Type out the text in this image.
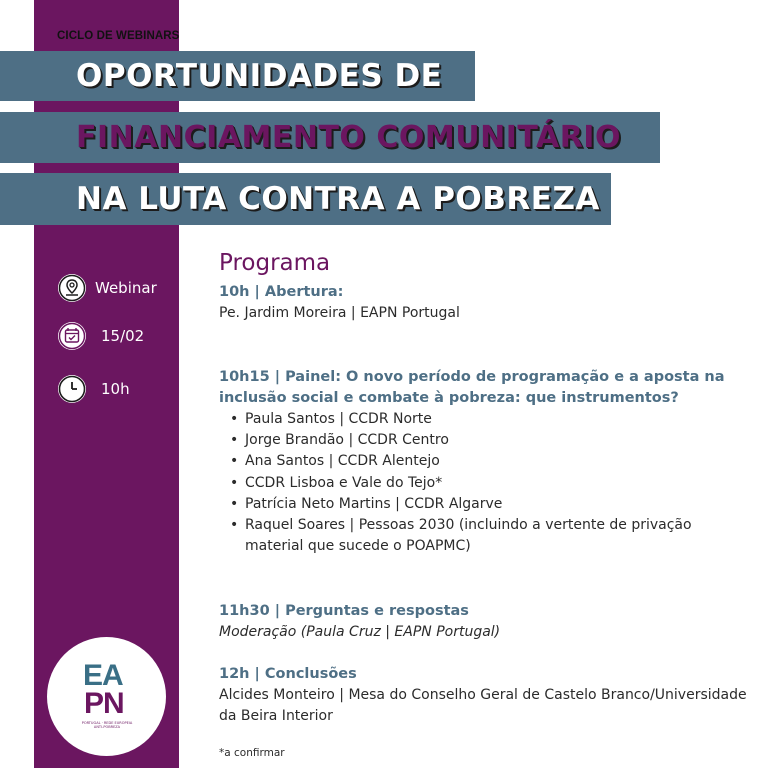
CICLO DE WEBINARS
OPORTUNIDADES DE
FINANCIAMENTO COMUNITÁRIO
NA LUTA CONTRA A POBREZA
Webinar
15/02
10h
EA
PN
PORTUGAL · REDE EUROPEIA ANTI-POBREZA
Programa
10h | Abertura:
Pe. Jardim Moreira | EAPN Portugal
10h15 | Painel: O novo período de programação e a aposta na inclusão social e combate à pobreza: que instrumentos?
• Paula Santos | CCDR Norte
• Jorge Brandão | CCDR Centro
• Ana Santos | CCDR Alentejo
• CCDR Lisboa e Vale do Tejo*
• Patrícia Neto Martins | CCDR Algarve
• Raquel Soares | Pessoas 2030 (incluindo a vertente de privação material que sucede o POAPMC)
11h30 | Perguntas e respostas
Moderação (Paula Cruz | EAPN Portugal)
12h | Conclusões
Alcides Monteiro | Mesa do Conselho Geral de Castelo Branco/Universidade da Beira Interior
*a confirmar
